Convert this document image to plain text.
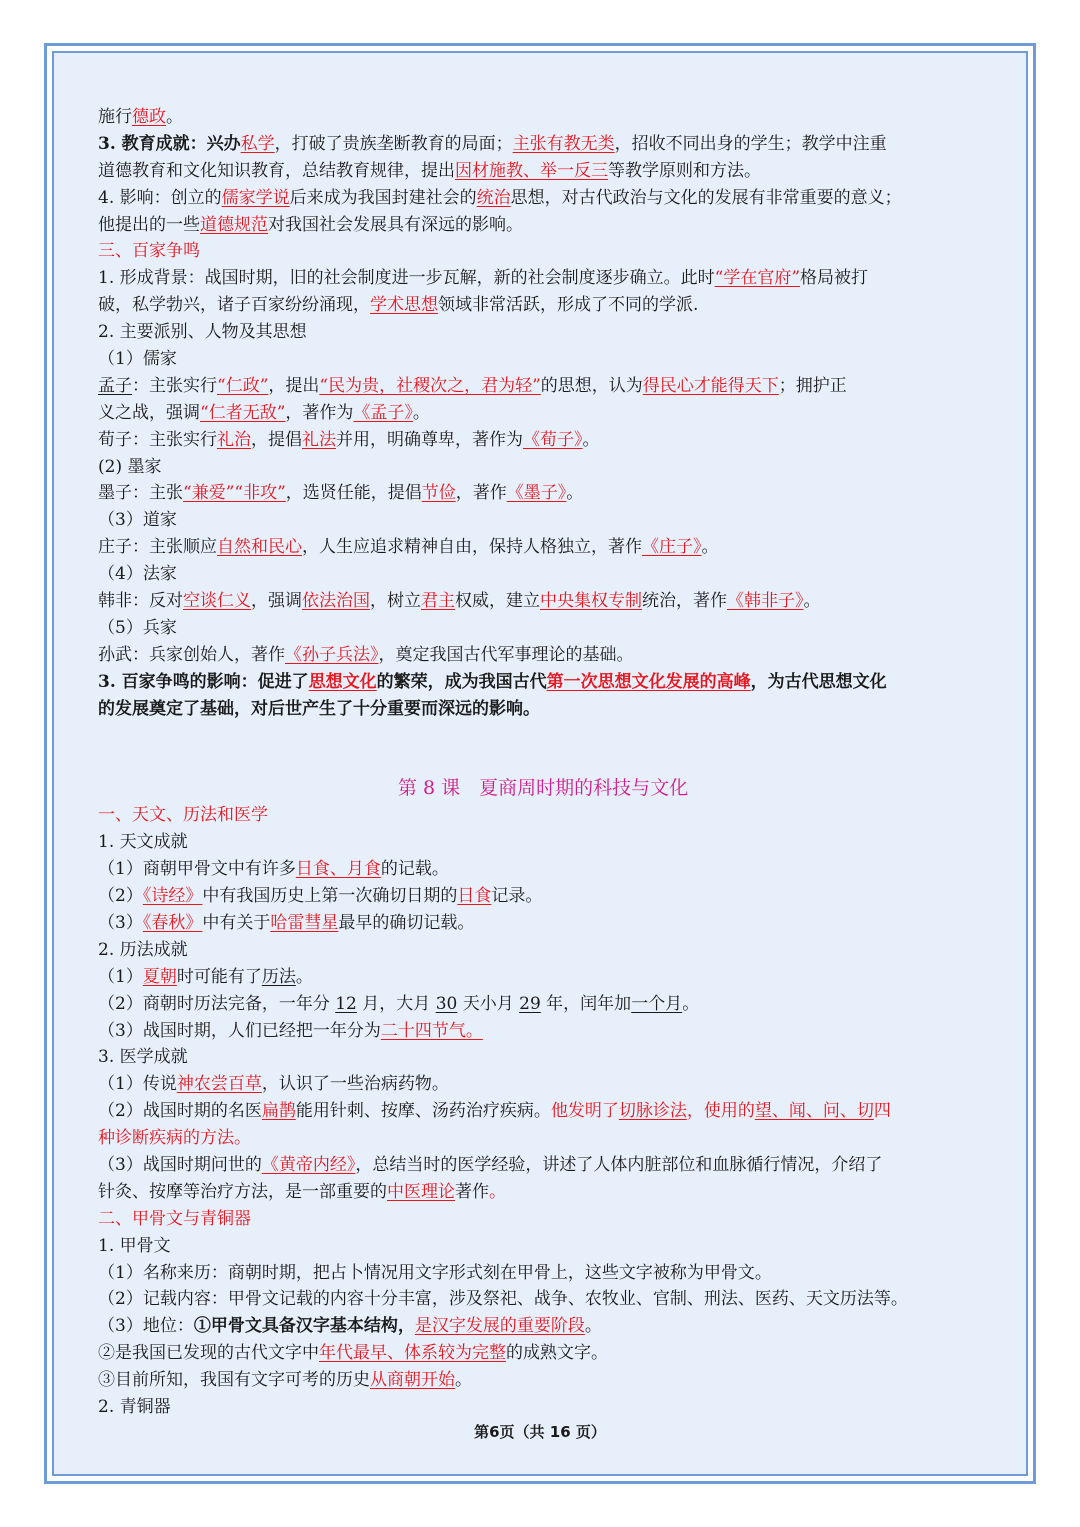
施行德政。
3. 教育成就：兴办私学，打破了贵族垄断教育的局面；主张有教无类，招收不同出身的学生；教学中注重
道德教育和文化知识教育，总结教育规律，提出因材施教、举一反三等教学原则和方法。
4. 影响：创立的儒家学说后来成为我国封建社会的统治思想，对古代政治与文化的发展有非常重要的意义；
他提出的一些道德规范对我国社会发展具有深远的影响。
三、百家争鸣
1. 形成背景：战国时期，旧的社会制度进一步瓦解，新的社会制度逐步确立。此时“学在官府”格局被打
破，私学勃兴，诸子百家纷纷涌现，学术思想领域非常活跃，形成了不同的学派.
2. 主要派别、人物及其思想
（1）儒家
孟子：主张实行“仁政”，提出“民为贵，社稷次之，君为轻”的思想，认为得民心才能得天下；拥护正
义之战，强调“仁者无敌”，著作为《孟子》。
荀子：主张实行礼治，提倡礼法并用，明确尊卑，著作为《荀子》。
(2) 墨家
墨子：主张“兼爱”“非攻”，选贤任能，提倡节俭，著作《墨子》。
（3）道家
庄子：主张顺应自然和民心，人生应追求精神自由，保持人格独立，著作《庄子》。
（4）法家
韩非：反对空谈仁义，强调依法治国，树立君主权威，建立中央集权专制统治，著作《韩非子》。
（5）兵家
孙武：兵家创始人，著作《孙子兵法》，奠定我国古代军事理论的基础。
3. 百家争鸣的影响：促进了思想文化的繁荣，成为我国古代第一次思想文化发展的高峰，为古代思想文化
的发展奠定了基础，对后世产生了十分重要而深远的影响。
第 8 课　夏商周时期的科技与文化
一、天文、历法和医学
1. 天文成就
（1）商朝甲骨文中有许多日食、月食的记载。
（2）《诗经》中有我国历史上第一次确切日期的日食记录。
（3）《春秋》中有关于哈雷彗星最早的确切记载。
2. 历法成就
（1）夏朝时可能有了历法。
（2）商朝时历法完备，一年分 12 月，大月 30 天小月 29 年，闰年加一个月。
（3）战国时期，人们已经把一年分为二十四节气。
3. 医学成就
（1）传说神农尝百草，认识了一些治病药物。
（2）战国时期的名医扁鹊能用针刺、按摩、汤药治疗疾病。他发明了切脉诊法，使用的望、闻、问、切四
种诊断疾病的方法。
（3）战国时期问世的《黄帝内经》，总结当时的医学经验，讲述了人体内脏部位和血脉循行情况，介绍了
针灸、按摩等治疗方法，是一部重要的中医理论著作。
二、甲骨文与青铜器
1. 甲骨文
（1）名称来历：商朝时期，把占卜情况用文字形式刻在甲骨上，这些文字被称为甲骨文。
（2）记载内容：甲骨文记载的内容十分丰富，涉及祭祀、战争、农牧业、官制、刑法、医药、天文历法等。
（3）地位：①甲骨文具备汉字基本结构，是汉字发展的重要阶段。
②是我国已发现的古代文字中年代最早、体系较为完整的成熟文字。
③目前所知，我国有文字可考的历史从商朝开始。
2. 青铜器
第6页（共 16 页）
